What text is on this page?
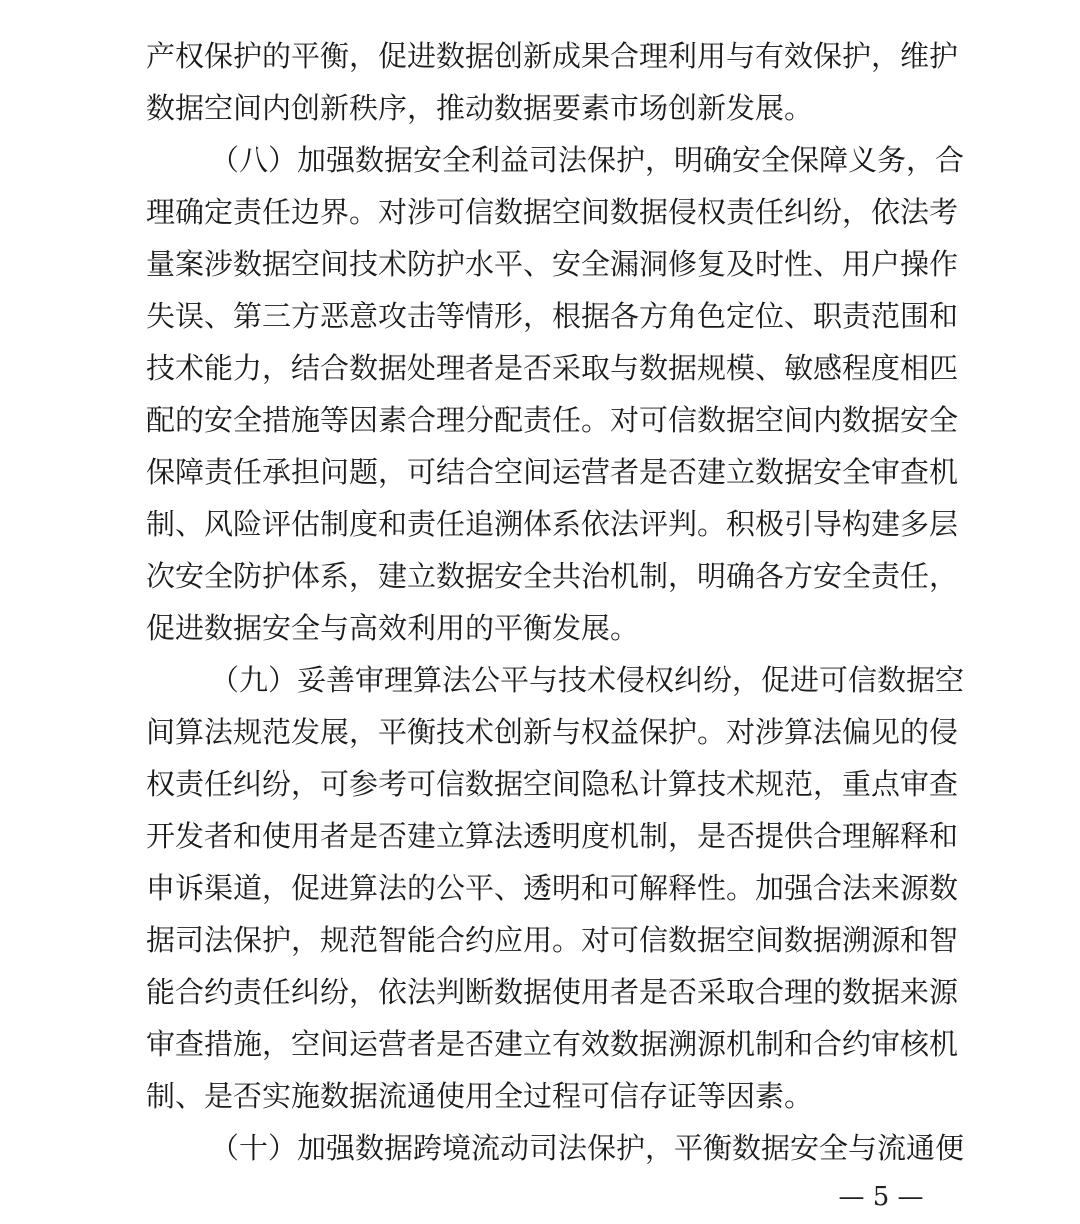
产权保护的平衡，促进数据创新成果合理利用与有效保护，维护
数据空间内创新秩序，推动数据要素市场创新发展。
（八）加强数据安全利益司法保护，明确安全保障义务，合
理确定责任边界。对涉可信数据空间数据侵权责任纠纷，依法考
量案涉数据空间技术防护水平、安全漏洞修复及时性、用户操作
失误、第三方恶意攻击等情形，根据各方角色定位、职责范围和
技术能力，结合数据处理者是否采取与数据规模、敏感程度相匹
配的安全措施等因素合理分配责任。对可信数据空间内数据安全
保障责任承担问题，可结合空间运营者是否建立数据安全审查机
制、风险评估制度和责任追溯体系依法评判。积极引导构建多层
次安全防护体系，建立数据安全共治机制，明确各方安全责任，
促进数据安全与高效利用的平衡发展。
（九）妥善审理算法公平与技术侵权纠纷，促进可信数据空
间算法规范发展，平衡技术创新与权益保护。对涉算法偏见的侵
权责任纠纷，可参考可信数据空间隐私计算技术规范，重点审查
开发者和使用者是否建立算法透明度机制，是否提供合理解释和
申诉渠道，促进算法的公平、透明和可解释性。加强合法来源数
据司法保护，规范智能合约应用。对可信数据空间数据溯源和智
能合约责任纠纷，依法判断数据使用者是否采取合理的数据来源
审查措施，空间运营者是否建立有效数据溯源机制和合约审核机
制、是否实施数据流通使用全过程可信存证等因素。
（十）加强数据跨境流动司法保护，平衡数据安全与流通便
— 5 —
